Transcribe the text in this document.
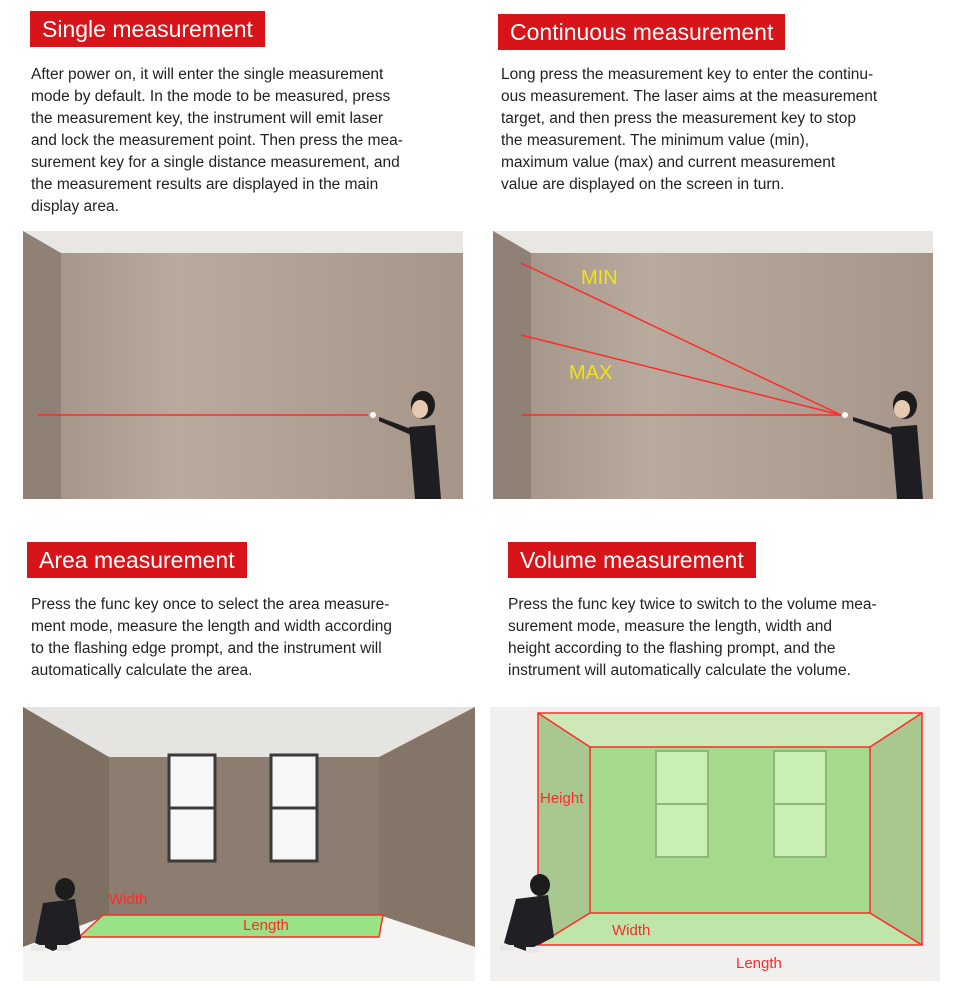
Single measurement
After power on, it will enter the single measurement
mode by default. In the mode to be measured, press
the measurement key, the instrument will emit laser
and lock the measurement point. Then press the mea-
surement key for a single distance measurement, and
the measurement results are displayed in the main
display area.
Continuous measurement
Long press the measurement key to enter the continu-
ous measurement. The laser aims at the measurement
target, and then press the measurement key to stop
the measurement. The minimum value (min),
maximum value (max) and current measurement
value are displayed on the screen in turn.
MIN
MAX
Area measurement
Press the func key once to select the area measure-
ment mode, measure the length and width according
to the flashing edge prompt, and the instrument will
automatically calculate the area.
Width
Length
Volume measurement
Press the func key twice to switch to the volume mea-
surement mode, measure the length, width and
height according to the flashing prompt, and the
instrument will automatically calculate the volume.
Height
Width
Length
